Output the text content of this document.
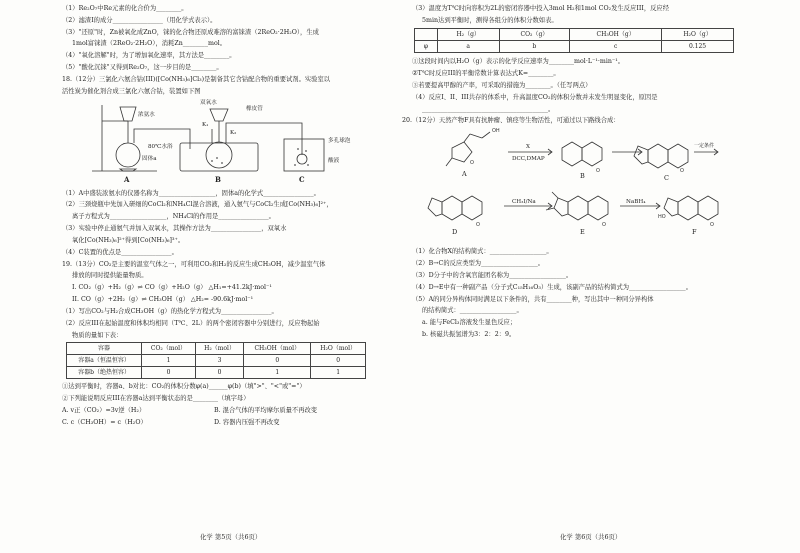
（1）Re₂O₇中Re元素的化合价为________。

（2）滤渣I的成分________________（用化学式表示）。

（3）"还原"时，Zn被氧化成ZnO，铼的化合物还原成难溶的富铼渣（2ReO₂·2H₂O），生成

1mol富铼渣（2ReO₂·2H₂O），消耗Zn________mol。

（4）"氧化溶解"时，为了增加氧化速率，其方法是________。

（5）"酸化沉铼"又得到Re₂O₇，这一步目的是________。

18.（12分）三氯化六氨合钴(III)([Co(NH₃)₆]Cl₃)是制备其它含钴配合物的重要试剂。实验室以

活性炭为催化剂合成三氯化六氨合钴，装置如下图

浓氨水
80℃水浴
固体a
双氧水
橡皮管
K₁
K₂
多孔球泡
酸液
A	B	C

（1）A中盛装浓氨水的仪器名称为__________________，固体a的化学式________________。

（2）三颈烧瓶中先加入研细的CoCl₂和NH₄Cl混合溶液，通入氨气与CoCl₂生成[Co(NH₃)₆]²⁺，

离子方程式为__________________，NH₄Cl的作用是________________。

（3）实验中停止通氨气并加入双氧水，其操作方法为________________，双氧水

氧化[Co(NH₃)₆]²⁺得到[Co(NH₃)₆]³⁺。

（4）C装置的优点是________________。

19.（13分）CO₂是主要的温室气体之一，可利用CO₂和H₂的反应生成CH₃OH，减少温室气体

排放的同时提供能量物质。

I. CO₂（g）+H₂（g）⇌ CO（g）+H₂O（g） △H₁=+41.2kJ·mol⁻¹

II. CO（g）+2H₂（g）⇌ CH₃OH（g） △H₂= -90.6kJ·mol⁻¹

（1）写出CO₂与H₂合成CH₃OH（g）的热化学方程式为________________。

（2）反应III在起始温度和体积均相同（T℃、2L）的两个密闭容器中分别进行，反应物起始

物质的量如下表：

容器	CO₂（mol）	H₂（mol）	CH₃OH（mol）	H₂O（mol）
容器a（恒温恒容）	1	3	0	0
容器b（绝热恒容）	0	0	1	1

①达到平衡时，容器a、b对比：CO₂的体积分数φ(a)______φ(b)（填">"、"<"或"="）

②下列能说明反应III在容器a达到平衡状态的是________（填字母）

A. v正（CO₂）=3v逆（H₂）	B. 混合气体的平均摩尔质量不再改变
C. c（CH₃OH）= c（H₂O）	D. 容器内压强不再改变

（3）温度为T℃时向容积为2L的密闭容器中投入3mol H₂和1mol CO₂发生反应III，反应经

5min达到平衡时，测得各组分的体积分数如表。

	H₂（g）	CO₂（g）	CH₃OH（g）	H₂O（g）
φ	a	b	c	0.125

①这段时间内以H₂O（g）表示的化学反应速率为________mol·L⁻¹·min⁻¹。

②T℃时反应III的平衡常数计算表达式K=________。

③若要提高甲醇的产率，可采取的措施为________。（任写两点）

（4）反应I、II、III共存的体系中，升高温度CO₂的体积分数并未发生明显变化，原因是

________________________________________。

20.（12分）天然产物F具有抗肿瘤、镇痉等生物活性，可通过以下路线合成：

O
O	O
O	O	O
HO
OH
A
X
DCC,DMAP
B	C
一定条件
D
CH₃I/Na
E
NaBH₄
F

（1）化合物X的结构简式：__________________。

（2）B→C的反应类型为__________________。

（3）D分子中的含氧官能团名称为__________________。

（4）D→E中有一种副产品（分子式C₁₅H₁₆O₃）生成，该副产品的结构简式为__________________。

（5）A的同分异构体同时满足以下条件的，共有________种，写出其中一种同分异构体

的结构简式：__________________。

a. 能与FeCl₃溶液发生显色反应；

b. 核磁共振氢谱为3：2：2：9。

化学 第5页（共6页）	化学 第6页（共6页）
